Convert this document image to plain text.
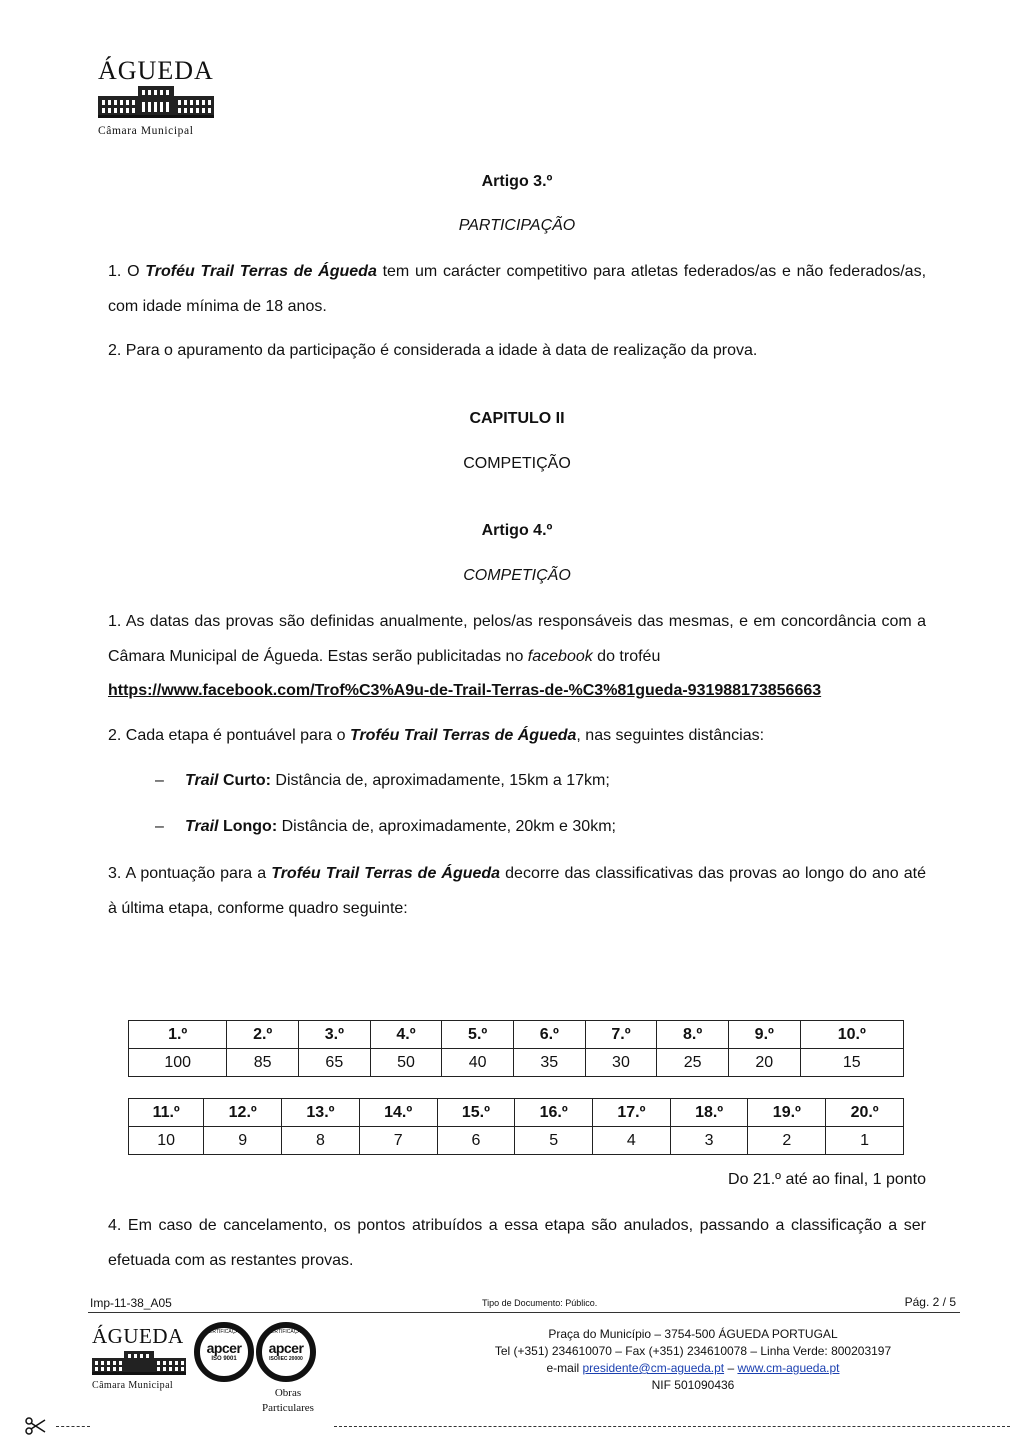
ÁGUEDA
Câmara Municipal
Artigo 3.º
PARTICIPAÇÃO
1. O Troféu Trail Terras de Águeda tem um carácter competitivo para atletas federados/as e não federados/as, com idade mínima de 18 anos.
2. Para o apuramento da participação é considerada a idade à data de realização da prova.
CAPITULO II
COMPETIÇÃO
Artigo 4.º
COMPETIÇÃO
1. As datas das provas são definidas anualmente, pelos/as responsáveis das mesmas, e em concordância com a Câmara Municipal de Águeda. Estas serão publicitadas no facebook do troféu
https://www.facebook.com/Trof%C3%A9u-de-Trail-Terras-de-%C3%81gueda-931988173856663
2. Cada etapa é pontuável para o Troféu Trail Terras de Águeda, nas seguintes distâncias:
– Trail Curto: Distância de, aproximadamente, 15km a 17km;
– Trail Longo: Distância de, aproximadamente, 20km e 30km;
3. A pontuação para a Troféu Trail Terras de Águeda decorre das classificativas das provas ao longo do ano até à última etapa, conforme quadro seguinte:
1.º	2.º	3.º	4.º	5.º	6.º	7.º	8.º	9.º	10.º
100	85	65	50	40	35	30	25	20	15
11.º	12.º	13.º	14.º	15.º	16.º	17.º	18.º	19.º	20.º
10	9	8	7	6	5	4	3	2	1
Do 21.º até ao final, 1 ponto
4. Em caso de cancelamento, os pontos atribuídos a essa etapa são anulados, passando a classificação a ser efetuada com as restantes provas.
Imp-11-38_A05	Tipo de Documento: Público.	Pág. 2 / 5
ÁGUEDA
Câmara Municipal
CERTIFICAÇÃO
apcer
ISO 9001
CERTIFICAÇÃO
apcer
ISO/IEC 20000
Obras Particulares
Praça do Município – 3754-500 ÁGUEDA PORTUGAL
Tel (+351) 234610070 – Fax (+351) 234610078 – Linha Verde: 800203197
e-mail presidente@cm-agueda.pt – www.cm-agueda.pt
NIF 501090436
